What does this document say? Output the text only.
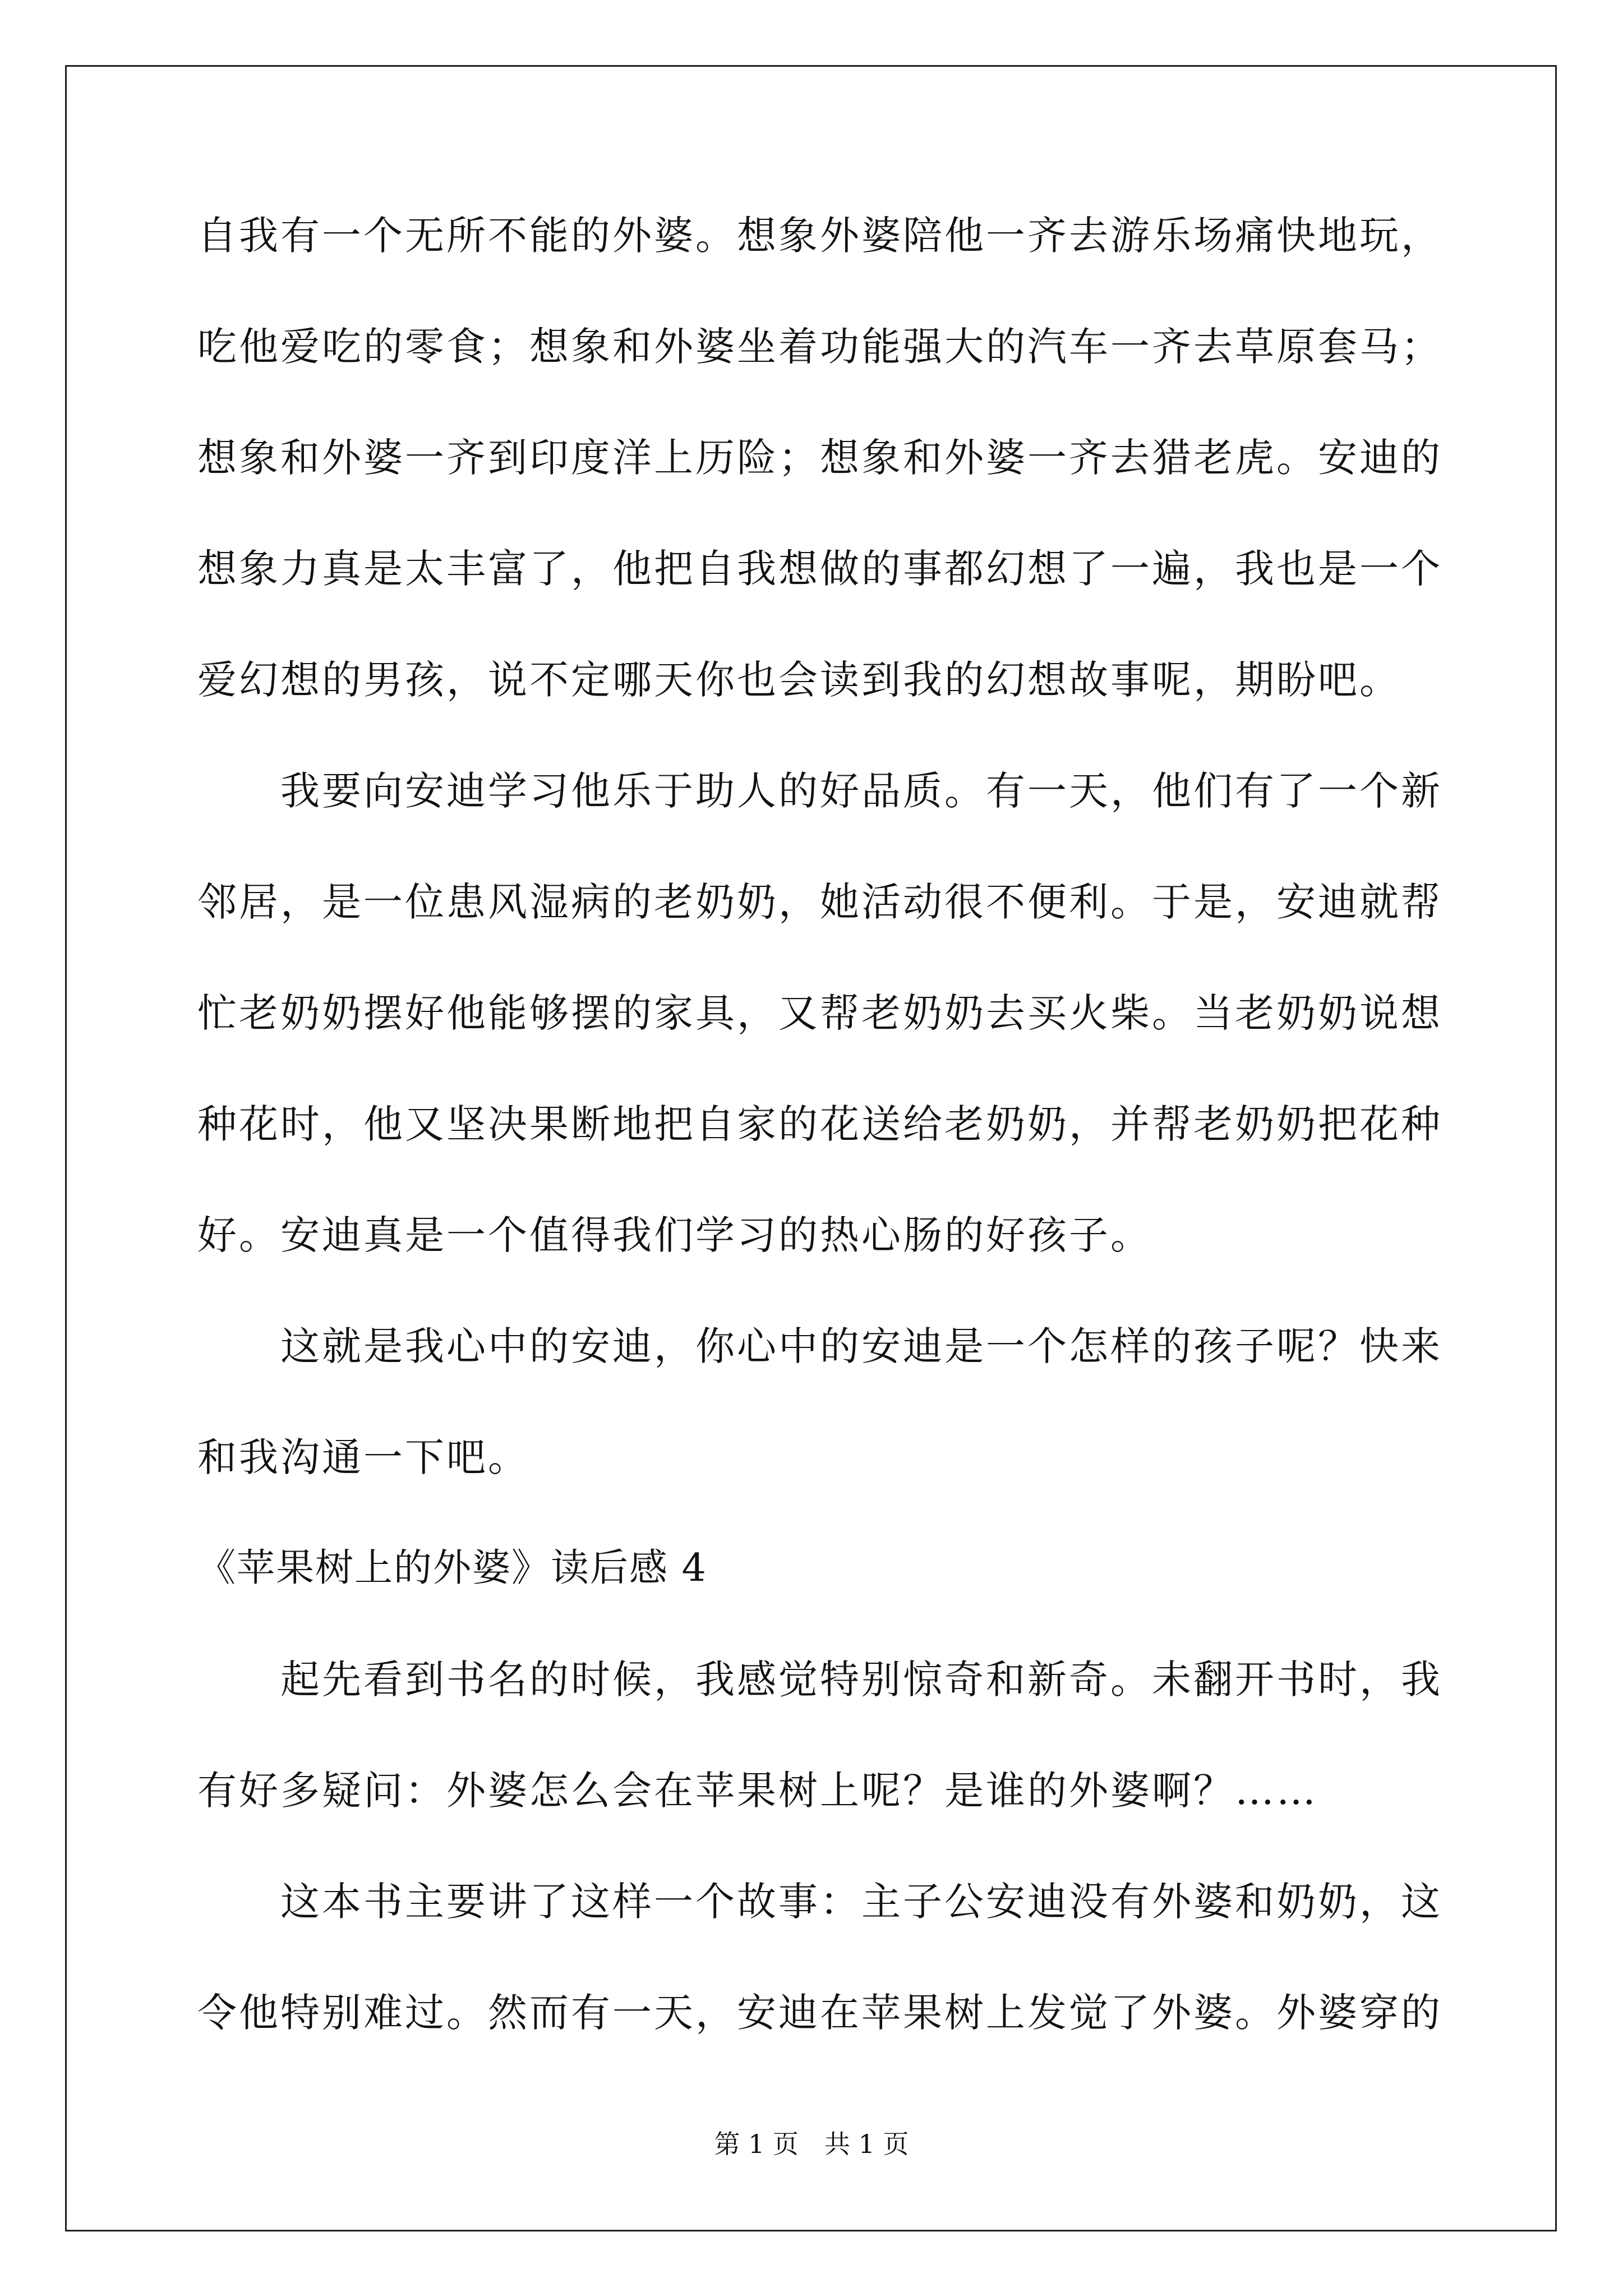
自我有一个无所不能的外婆。想象外婆陪他一齐去游乐场痛快地玩，
吃他爱吃的零食；想象和外婆坐着功能强大的汽车一齐去草原套马；
想象和外婆一齐到印度洋上历险；想象和外婆一齐去猎老虎。安迪的
想象力真是太丰富了，他把自我想做的事都幻想了一遍，我也是一个
爱幻想的男孩，说不定哪天你也会读到我的幻想故事呢，期盼吧。
　　我要向安迪学习他乐于助人的好品质。有一天，他们有了一个新
邻居，是一位患风湿病的老奶奶，她活动很不便利。于是，安迪就帮
忙老奶奶摆好他能够摆的家具，又帮老奶奶去买火柴。当老奶奶说想
种花时，他又坚决果断地把自家的花送给老奶奶，并帮老奶奶把花种
好。安迪真是一个值得我们学习的热心肠的好孩子。
　　这就是我心中的安迪，你心中的安迪是一个怎样的孩子呢？快来
和我沟通一下吧。
《苹果树上的外婆》读后感 4
　　起先看到书名的时候，我感觉特别惊奇和新奇。未翻开书时，我
有好多疑问：外婆怎么会在苹果树上呢？是谁的外婆啊？……
　　这本书主要讲了这样一个故事：主子公安迪没有外婆和奶奶，这
令他特别难过。然而有一天，安迪在苹果树上发觉了外婆。外婆穿的
第 1 页　共 1 页
